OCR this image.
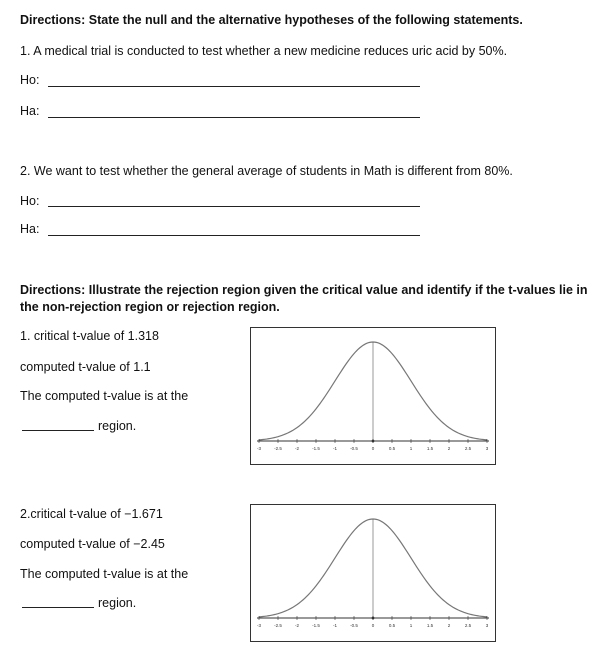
Directions: State the null and the alternative hypotheses of the following statements.
1. A medical trial is conducted to test whether a new medicine reduces uric acid by 50%.
Ho:
Ha:
2. We want to test whether the general average of students in Math is different from 80%.
Ho:
Ha:
Directions: Illustrate the rejection region given the critical value and identify if the t-values lie in
the non-rejection region or rejection region.
1. critical t-value of 1.318
computed t-value of 1.1
The computed t-value is at the
region.
-3	-2.5	-2	-1.5	-1	-0.5	0	0.5	1	1.5	2	2.5	3
2.critical t-value of −1.671
computed t-value of −2.45
The computed t-value is at the
region.
-3	-2.5	-2	-1.5	-1	-0.5	0	0.5	1	1.5	2	2.5	3
